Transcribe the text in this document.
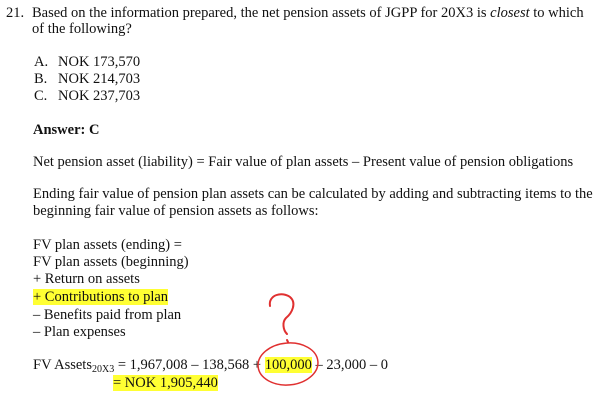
21. Based on the information prepared, the net pension assets of JGPP for 20X3 is closest to which
of the following?
A. NOK 173,570
B. NOK 214,703
C. NOK 237,703
Answer: C
Net pension asset (liability) = Fair value of plan assets – Present value of pension obligations
Ending fair value of pension plan assets can be calculated by adding and subtracting items to the
beginning fair value of pension assets as follows:
FV plan assets (ending) =
FV plan assets (beginning)
+ Return on assets
+ Contributions to plan
– Benefits paid from plan
– Plan expenses
FV Assets$_{20X3}$ = 1,967,008 – 138,568 + 100,000 – 23,000 – 0
= NOK 1,905,440
